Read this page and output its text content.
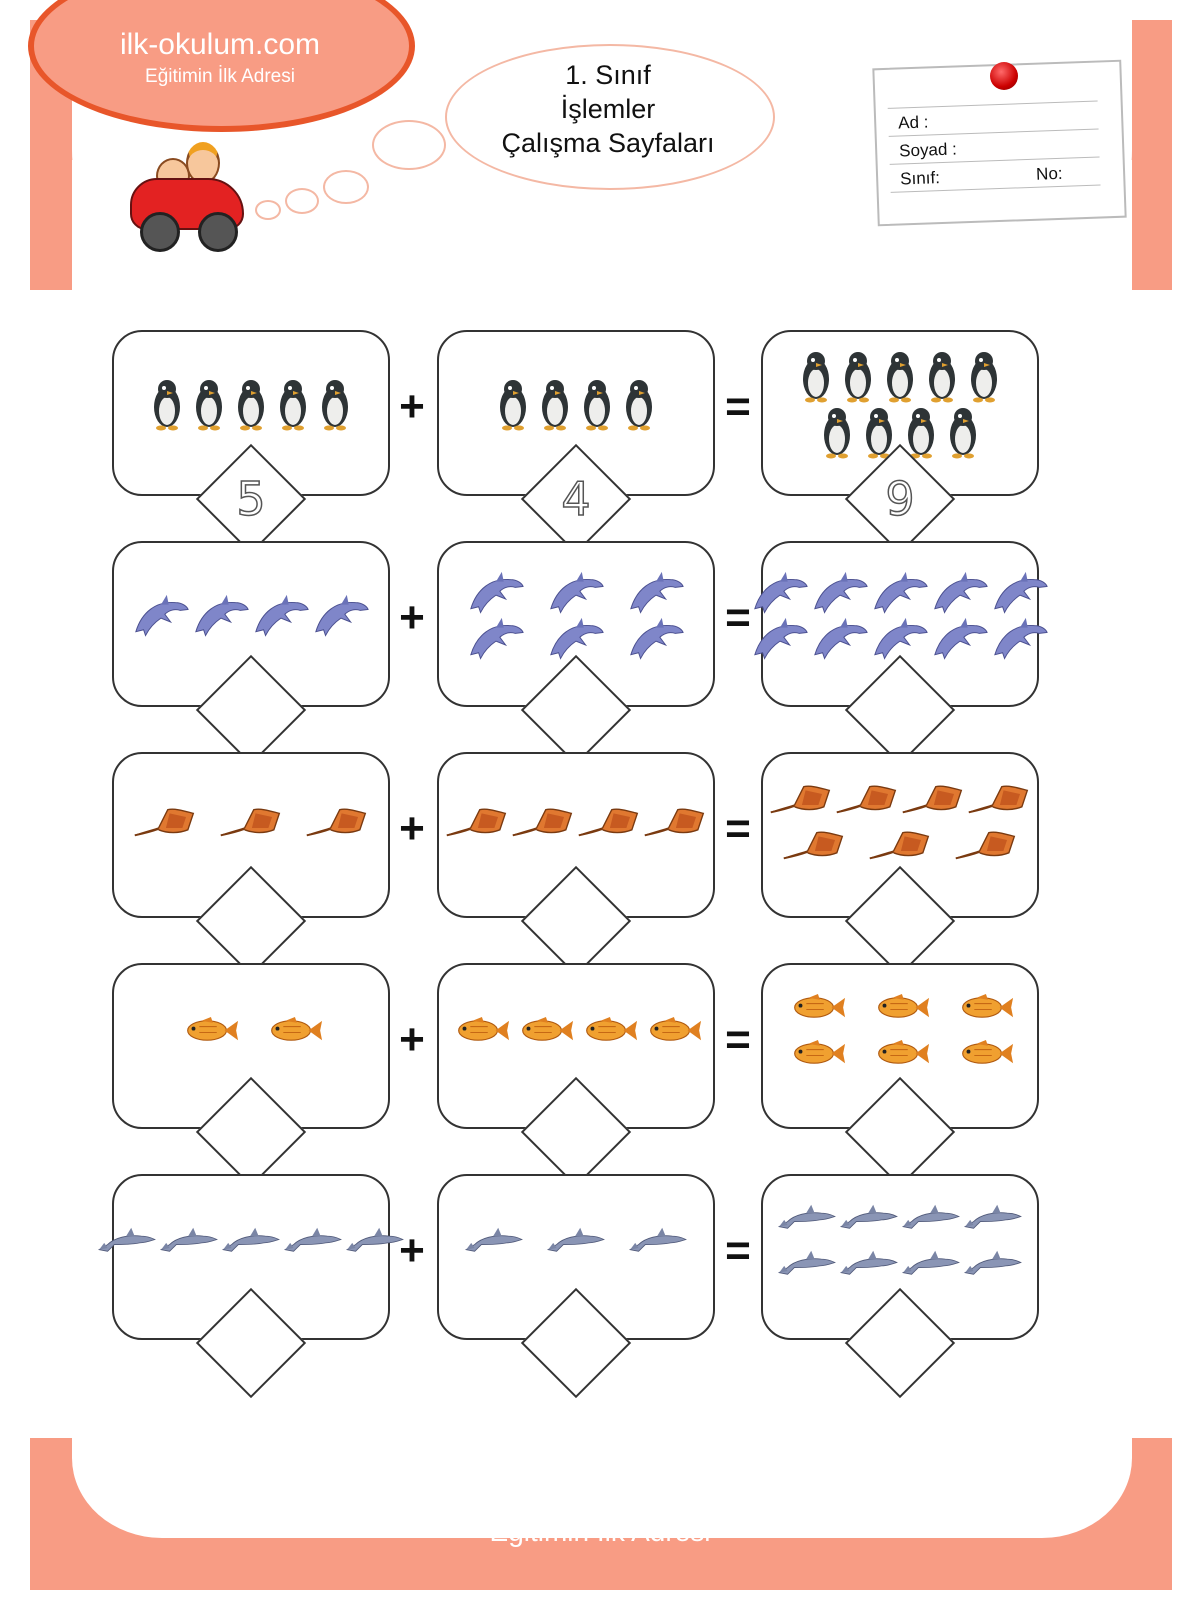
ilk-okulum.com
Eğitimin İlk Adresi	1. Sınıf
İşlemler
Çalışma Sayfaları
Ad :
Soyad :
Sınıf:	No:
5	4	9
+	=
+	=
+	=
+	=
+	=
ilk-okulum.com
Eğitimin İlk Adresi
